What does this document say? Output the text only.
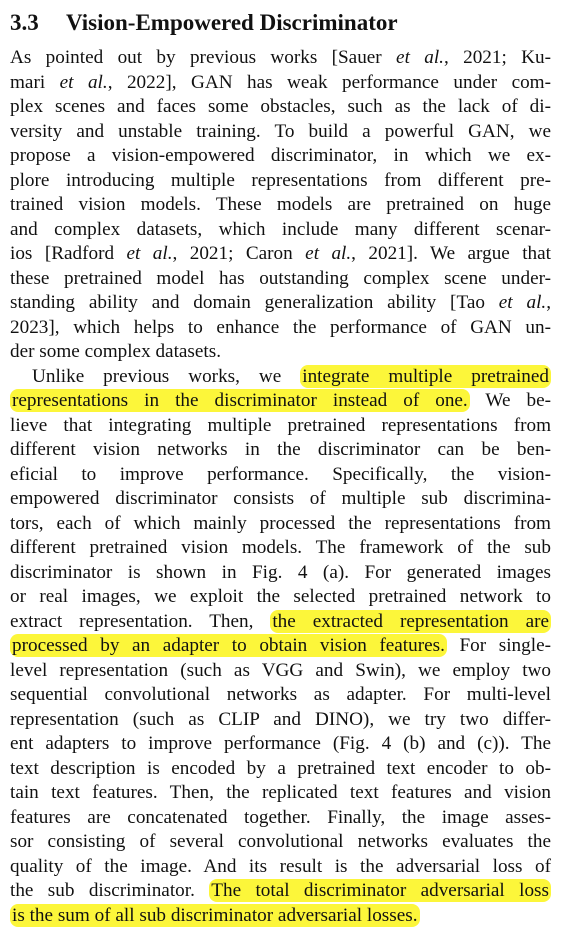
3.3 Vision-Empowered Discriminator
As pointed out by previous works [Sauer et al., 2021; Ku-
mari et al., 2022], GAN has weak performance under com-
plex scenes and faces some obstacles, such as the lack of di-
versity and unstable training. To build a powerful GAN, we
propose a vision-empowered discriminator, in which we ex-
plore introducing multiple representations from different pre-
trained vision models. These models are pretrained on huge
and complex datasets, which include many different scenar-
ios [Radford et al., 2021; Caron et al., 2021]. We argue that
these pretrained model has outstanding complex scene under-
standing ability and domain generalization ability [Tao et al.,
2023], which helps to enhance the performance of GAN un-
der some complex datasets.
Unlike previous works, we integrate multiple pretrained
representations in the discriminator instead of one. We be-
lieve that integrating multiple pretrained representations from
different vision networks in the discriminator can be ben-
eficial to improve performance. Specifically, the vision-
empowered discriminator consists of multiple sub discrimina-
tors, each of which mainly processed the representations from
different pretrained vision models. The framework of the sub
discriminator is shown in Fig. 4 (a). For generated images
or real images, we exploit the selected pretrained network to
extract representation. Then, the extracted representation are
processed by an adapter to obtain vision features. For single-
level representation (such as VGG and Swin), we employ two
sequential convolutional networks as adapter. For multi-level
representation (such as CLIP and DINO), we try two differ-
ent adapters to improve performance (Fig. 4 (b) and (c)). The
text description is encoded by a pretrained text encoder to ob-
tain text features. Then, the replicated text features and vision
features are concatenated together. Finally, the image asses-
sor consisting of several convolutional networks evaluates the
quality of the image. And its result is the adversarial loss of
the sub discriminator. The total discriminator adversarial loss
is the sum of all sub discriminator adversarial losses.
